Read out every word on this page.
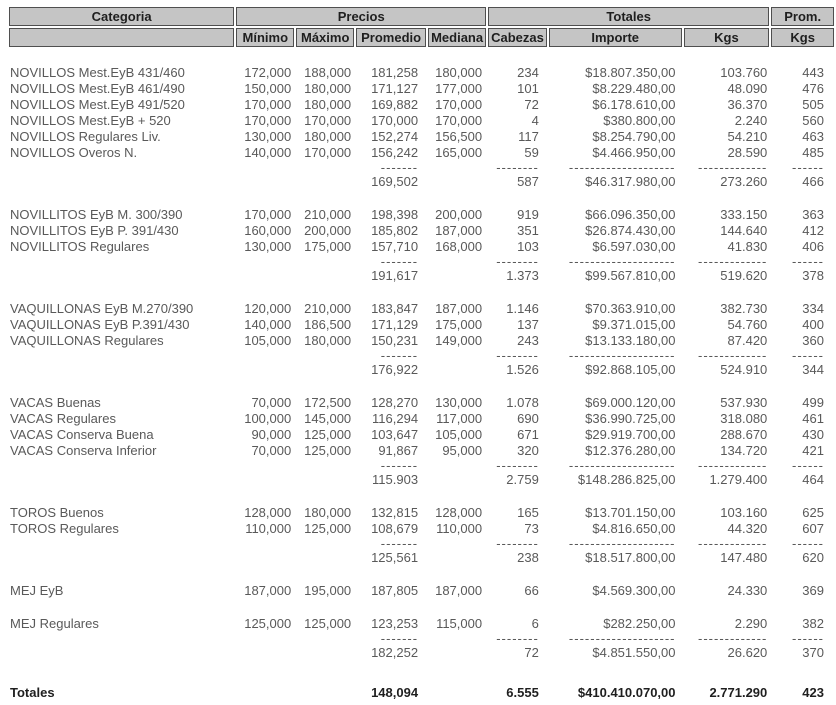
Categoria	Precios				Totales			Prom.
	Mínimo	Máximo	Promedio	Mediana	Cabezas	Importe	Kgs	Kgs

NOVILLOS Mest.EyB 431/460	172,000	188,000	181,258	180,000	234	$18.807.350,00	103.760	443
NOVILLOS Mest.EyB 461/490	150,000	180,000	171,127	177,000	101	$8.229.480,00	48.090	476
NOVILLOS Mest.EyB 491/520	170,000	180,000	169,882	170,000	72	$6.178.610,00	36.370	505
NOVILLOS Mest.EyB + 520	170,000	170,000	170,000	170,000	4	$380.800,00	2.240	560
NOVILLOS Regulares Liv.	130,000	180,000	152,274	156,500	117	$8.254.790,00	54.210	463
NOVILLOS Overos N.	140,000	170,000	156,242	165,000	59	$4.466.950,00	28.590	485
			-------		--------	--------------------	-------------	------
			169,502		587	$46.317.980,00	273.260	466

NOVILLITOS EyB M. 300/390	170,000	210,000	198,398	200,000	919	$66.096.350,00	333.150	363
NOVILLITOS EyB P. 391/430	160,000	200,000	185,802	187,000	351	$26.874.430,00	144.640	412
NOVILLITOS Regulares	130,000	175,000	157,710	168,000	103	$6.597.030,00	41.830	406
			-------		--------	--------------------	-------------	------
			191,617		1.373	$99.567.810,00	519.620	378

VAQUILLONAS EyB M.270/390	120,000	210,000	183,847	187,000	1.146	$70.363.910,00	382.730	334
VAQUILLONAS EyB P.391/430	140,000	186,500	171,129	175,000	137	$9.371.015,00	54.760	400
VAQUILLONAS Regulares	105,000	180,000	150,231	149,000	243	$13.133.180,00	87.420	360
			-------		--------	--------------------	-------------	------
			176,922		1.526	$92.868.105,00	524.910	344

VACAS Buenas	70,000	172,500	128,270	130,000	1.078	$69.000.120,00	537.930	499
VACAS Regulares	100,000	145,000	116,294	117,000	690	$36.990.725,00	318.080	461
VACAS Conserva Buena	90,000	125,000	103,647	105,000	671	$29.919.700,00	288.670	430
VACAS Conserva Inferior	70,000	125,000	91,867	95,000	320	$12.376.280,00	134.720	421
			-------		--------	--------------------	-------------	------
			115.903		2.759	$148.286.825,00	1.279.400	464

TOROS Buenos	128,000	180,000	132,815	128,000	165	$13.701.150,00	103.160	625
TOROS Regulares	110,000	125,000	108,679	110,000	73	$4.816.650,00	44.320	607
			-------		--------	--------------------	-------------	------
			125,561		238	$18.517.800,00	147.480	620

MEJ EyB	187,000	195,000	187,805	187,000	66	$4.569.300,00	24.330	369

MEJ Regulares	125,000	125,000	123,253	115,000	6	$282.250,00	2.290	382
			-------		--------	--------------------	-------------	------
			182,252		72	$4.851.550,00	26.620	370

Totales			148,094		6.555	$410.410.070,00	2.771.290	423
